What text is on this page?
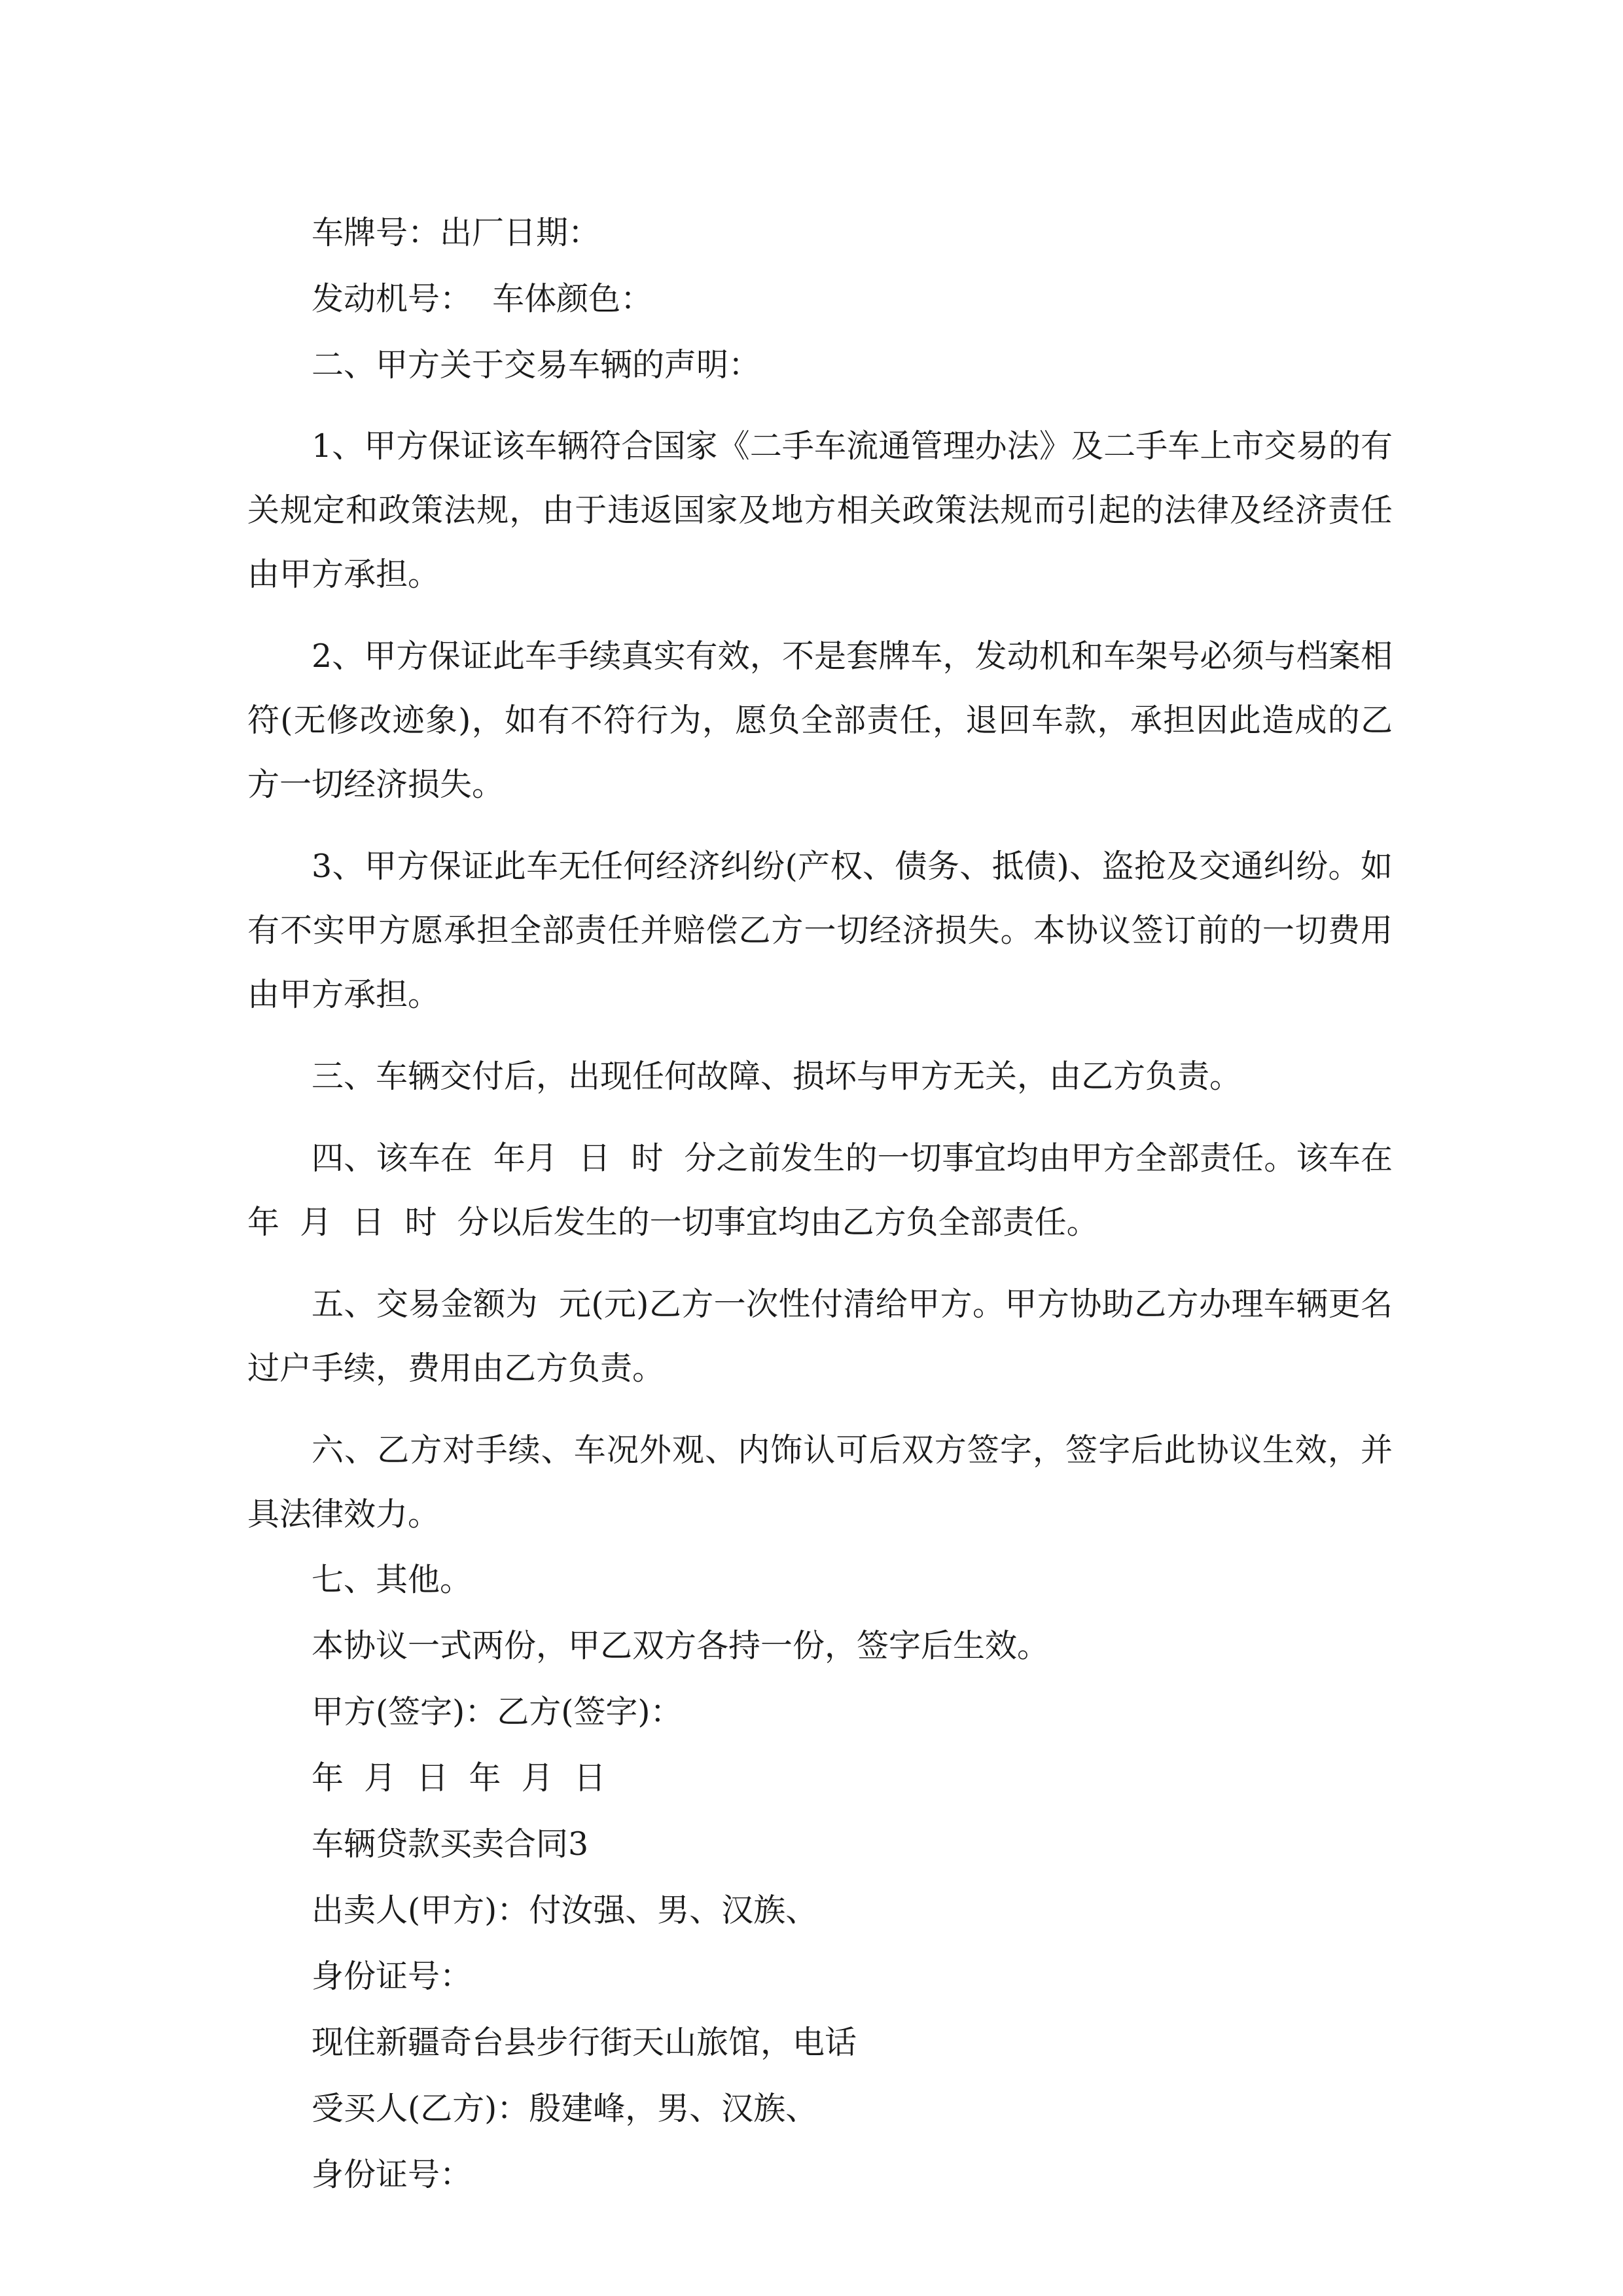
车牌号：出厂日期：

发动机号：  车体颜色：

二、甲方关于交易车辆的声明：

1、甲方保证该车辆符合国家《二手车流通管理办法》及二手车上市交易的有关规定和政策法规，由于违返国家及地方相关政策法规而引起的法律及经济责任由甲方承担。

2、甲方保证此车手续真实有效，不是套牌车，发动机和车架号必须与档案相符(无修改迹象)，如有不符行为，愿负全部责任，退回车款，承担因此造成的乙方一切经济损失。

3、甲方保证此车无任何经济纠纷(产权、债务、抵债)、盗抢及交通纠纷。如有不实甲方愿承担全部责任并赔偿乙方一切经济损失。本协议签订前的一切费用由甲方承担。

三、车辆交付后，出现任何故障、损坏与甲方无关，由乙方负责。

四、该车在  年月  日  时  分之前发生的一切事宜均由甲方全部责任。该车在  年  月  日  时  分以后发生的一切事宜均由乙方负全部责任。

五、交易金额为  元(元)乙方一次性付清给甲方。甲方协助乙方办理车辆更名过户手续，费用由乙方负责。

六、乙方对手续、车况外观、内饰认可后双方签字，签字后此协议生效，并具法律效力。

七、其他。

本协议一式两份，甲乙双方各持一份，签字后生效。

甲方(签字)：乙方(签字)：

年  月  日  年  月  日

车辆贷款买卖合同3

出卖人(甲方)：付汝强、男、汉族、

身份证号：

现住新疆奇台县步行街天山旅馆，电话

受买人(乙方)：殷建峰，男、汉族、

身份证号：
